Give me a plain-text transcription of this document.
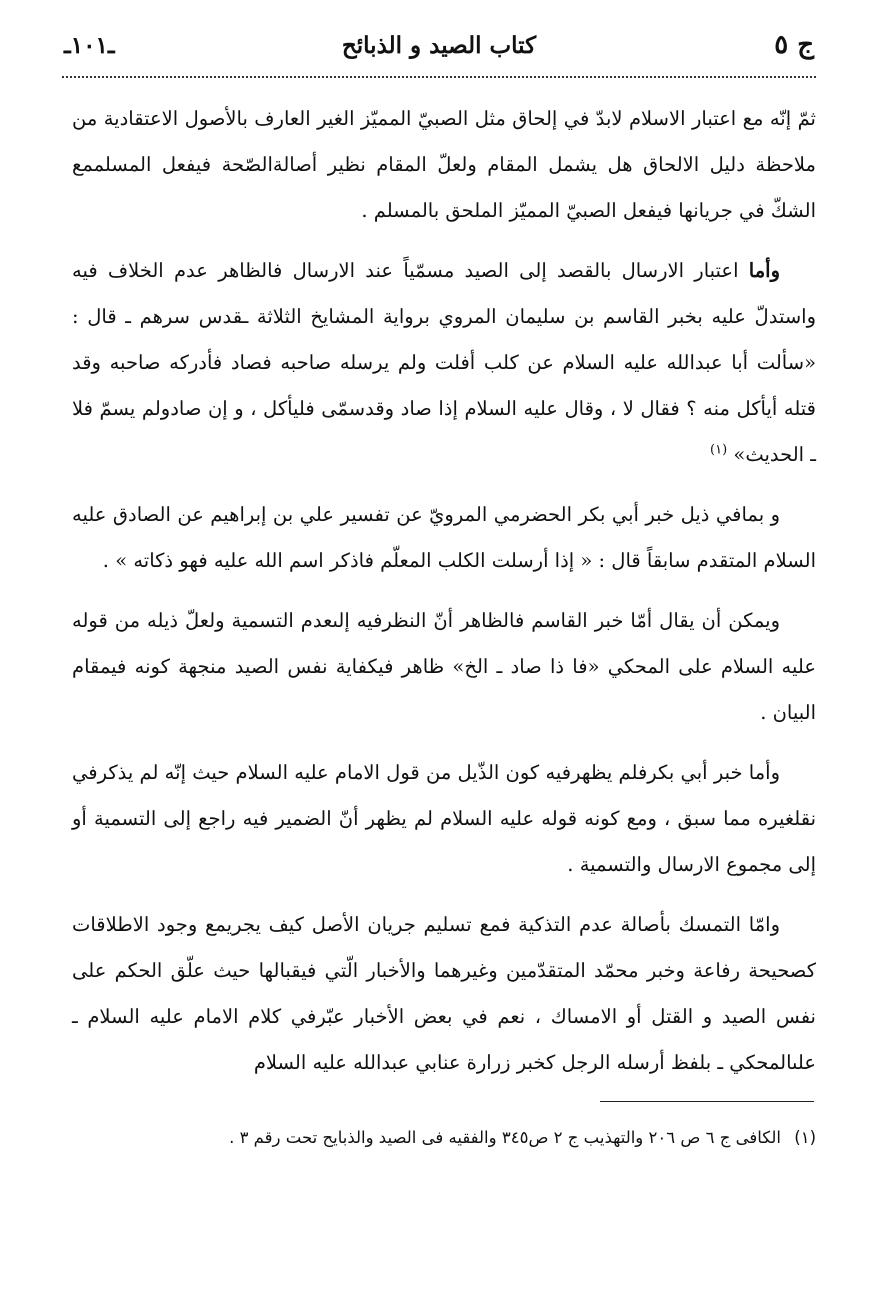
ج ٥
كتاب الصيد و الذبائح
ـ١٠١ـ

ثمّ إنّه مع اعتبار الاسلام لابدّ في إلحاق مثل الصبيّ المميّز الغير العارف بالأصول الاعتقادية من ملاحظة دليل الالحاق هل يشمل المقام ولعلّ المقام نظير أصالةالصّحة فيفعل المسلممع الشكّ في جريانها فيفعل الصبيّ المميّز الملحق بالمسلم .

وأما اعتبار الارسال بالقصد إلى الصيد مسمّياً عند الارسال فالظاهر عدم الخلاف فيه واستدلّ عليه بخبر القاسم بن سليمان المروي برواية المشايخ الثلاثة ـقدس سرهم ـ قال : «سألت أبا عبدالله عليه السلام عن كلب أفلت ولم يرسله صاحبه فصاد فأدركه صاحبه وقد قتله أيأكل منه ؟ فقال لا ، وقال عليه السلام إذا صاد وقدسمّى فليأكل ، و إن صادولم يسمّ فلا ـ الحديث» $^{(١)}$

و بمافي ذيل خبر أبي بكر الحضرمي المرويّ عن تفسير علي بن إبراهيم عن الصادق عليه السلام المتقدم سابقاً قال : « إذا أرسلت الكلب المعلّم فاذكر اسم الله عليه فهو ذكاته » .

ويمكن أن يقال أمّا خبر القاسم فالظاهر أنّ النظرفيه إلىعدم التسمية ولعلّ ذيله من قوله عليه السلام على المحكي «فا ذا صاد ـ الخ» ظاهر فيكفاية نفس الصيد منجهة كونه فيمقام البيان .

وأما خبر أبي بكرفلم يظهرفيه كون الذّيل من قول الامام عليه السلام حيث إنّه لم يذكرفي نقلغيره مما سبق ، ومع كونه قوله عليه السلام لم يظهر أنّ الضمير فيه راجع إلى التسمية أو إلى مجموع الارسال والتسمية .

وامّا التمسك بأصالة عدم التذكية فمع تسليم جريان الأصل كيف يجريمع وجود الاطلاقات كصحيحة رفاعة وخبر محمّد المتقدّمين وغيرهما والأخبار الّتي فيقبالها حيث علّق الحكم على نفس الصيد و القتل أو الامساك ، نعم في بعض الأخبار عبّرفي كلام الامام عليه السلام ـ علىالمحكي ـ بلفظ أرسله الرجل كخبر زرارة عنابي عبدالله عليه السلام

(١) الكافى ج ٦ ص ٢٠٦ والتهذيب ج ٢ ص٣٤٥ والفقيه فى الصيد والذبايح تحت رقم ٣ .
